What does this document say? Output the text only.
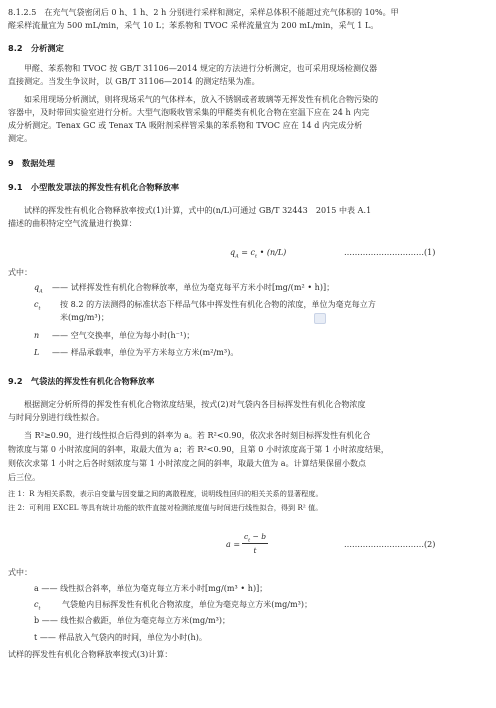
8.1.2.5　在充气气袋密闭后 0 h、1 h、2 h 分别进行采样和测定，采样总体积不能超过充气体积的 10%。甲
醛采样流量宜为 500 mL/min，采气 10 L；苯系物和 TVOC 采样流量宜为 200 mL/min，采气 1 L。
8.2　分析测定
甲醛、苯系物和 TVOC 按 GB/T 31106—2014 规定的方法进行分析测定，也可采用现场检测仪器
直接测定。当发生争议时，以 GB/T 31106—2014 的测定结果为准。
如采用现场分析测试，则将现场采气的气体样本，放入不锈钢或者玻璃等无挥发性有机化合物污染的
容器中，及时带回实验室进行分析。大型气泡吸收管采集的甲醛类有机化合物在室温下应在 24 h 内完
成分析测定。Tenax GC 或 Tenax TA 吸附剂采样管采集的苯系物和 TVOC 应在 14 d 内完成分析
测定。
9　数据处理
9.1　小型散发罩法的挥发性有机化合物释放率
试样的挥发性有机化合物释放率按式(1)计算，式中的(n/L)可通过 GB/T 32443　2015 中表 A.1
描述的曲积特定空气流量进行换算：
$q_A = c_t$ • (n/L)	…………………………(1)
式中：
$q_A$ —— 试样挥发性有机化合物释放率，单位为毫克每平方米小时[mg/(m² • h)]；
$c_t$ 按 8.2 的方法测得的标准状态下样品气体中挥发性有机化合物的浓度，单位为毫克每立方
米(mg/m³)；
n —— 空气交换率，单位为每小时(h⁻¹)；
L —— 样品承载率，单位为平方米每立方米(m²/m³)。
9.2　气袋法的挥发性有机化合物释放率
根据测定分析所得的挥发性有机化合物浓度结果，按式(2)对气袋内各目标挥发性有机化合物浓度
与时间分别进行线性拟合。
当 R²≥0.90，进行线性拟合后得到的斜率为 a。若 R²<0.90，依次求各时刻目标挥发性有机化合
物浓度与第 0 小时浓度间的斜率，取最大值为 a；若 R²<0.90，且第 0 小时浓度高于第 1 小时浓度结果，
则依次求第 1 小时之后各时刻浓度与第 1 小时浓度之间的斜率，取最大值为 a。计算结果保留小数点
后三位。
注 1：R 为相关系数，表示自变量与因变量之间的离散程度，说明线性回归的相关关系的显著程度。
注 2：可利用 EXCEL 等具有统计功能的软件直接对检测浓度值与时间进行线性拟合，得到 R² 值。
a =
$c_t - b$
t
…………………………(2)
式中：
a —— 线性拟合斜率，单位为毫克每立方米小时[mg/(m³ • h)]；
$c_t$	气袋舱内目标挥发性有机化合物浓度，单位为毫克每立方米(mg/m³)；
b —— 线性拟合截距，单位为毫克每立方米(mg/m³)；
t —— 样品放入气袋内的时间，单位为小时(h)。
试样的挥发性有机化合物释放率按式(3)计算：
